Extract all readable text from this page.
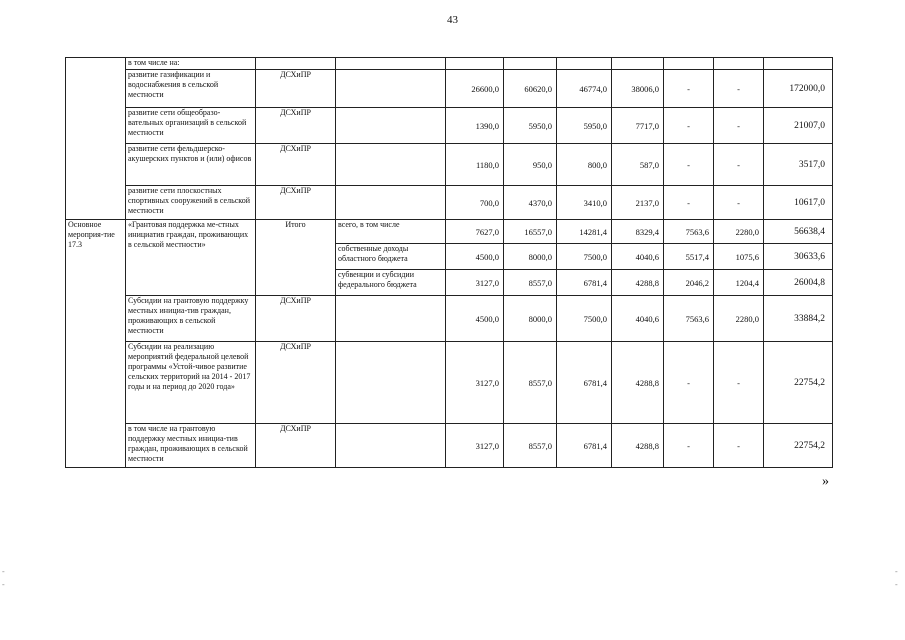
43
	в том числе на:									
	развитие газификации и водоснабжения в сельской местности	ДСХиПР		26600,0	60620,0	46774,0	38006,0	-	-	172000,0
	развитие сети общеобразо-вательных организаций в сельской местности	ДСХиПР		1390,0	5950,0	5950,0	7717,0	-	-	21007,0
	развитие сети фельдшерско-акушерских пунктов и (или) офисов	ДСХиПР		1180,0	950,0	800,0	587,0	-	-	3517,0
	развитие сети плоскостных спортивных сооружений в сельской местности	ДСХиПР		700,0	4370,0	3410,0	2137,0	-	-	10617,0
Основное мероприя-тие 17.3	«Грантовая поддержка ме-стных инициатив граждан, проживающих в сельской местности»	Итого	всего, в том числе	7627,0	16557,0	14281,4	8329,4	7563,6	2280,0	56638,4
			собственные доходы областного бюджета	4500,0	8000,0	7500,0	4040,6	5517,4	1075,6	30633,6
			субвенции и субсидии федерального бюджета	3127,0	8557,0	6781,4	4288,8	2046,2	1204,4	26004,8
	Субсидии на грантовую поддержку местных инициа-тив граждан, проживающих в сельской местности	ДСХиПР		4500,0	8000,0	7500,0	4040,6	7563,6	2280,0	33884,2
	Субсидии на реализацию мероприятий федеральной целевой программы «Устой-чивое развитие сельских территорий на 2014 - 2017 годы и на период до 2020 года»	ДСХиПР		3127,0	8557,0	6781,4	4288,8	-	-	22754,2
	в том числе на грантовую поддержку местных инициа-тив граждан, проживающих в сельской местности	ДСХиПР		3127,0	8557,0	6781,4	4288,8	-	-	22754,2
»
-	-
-	-
